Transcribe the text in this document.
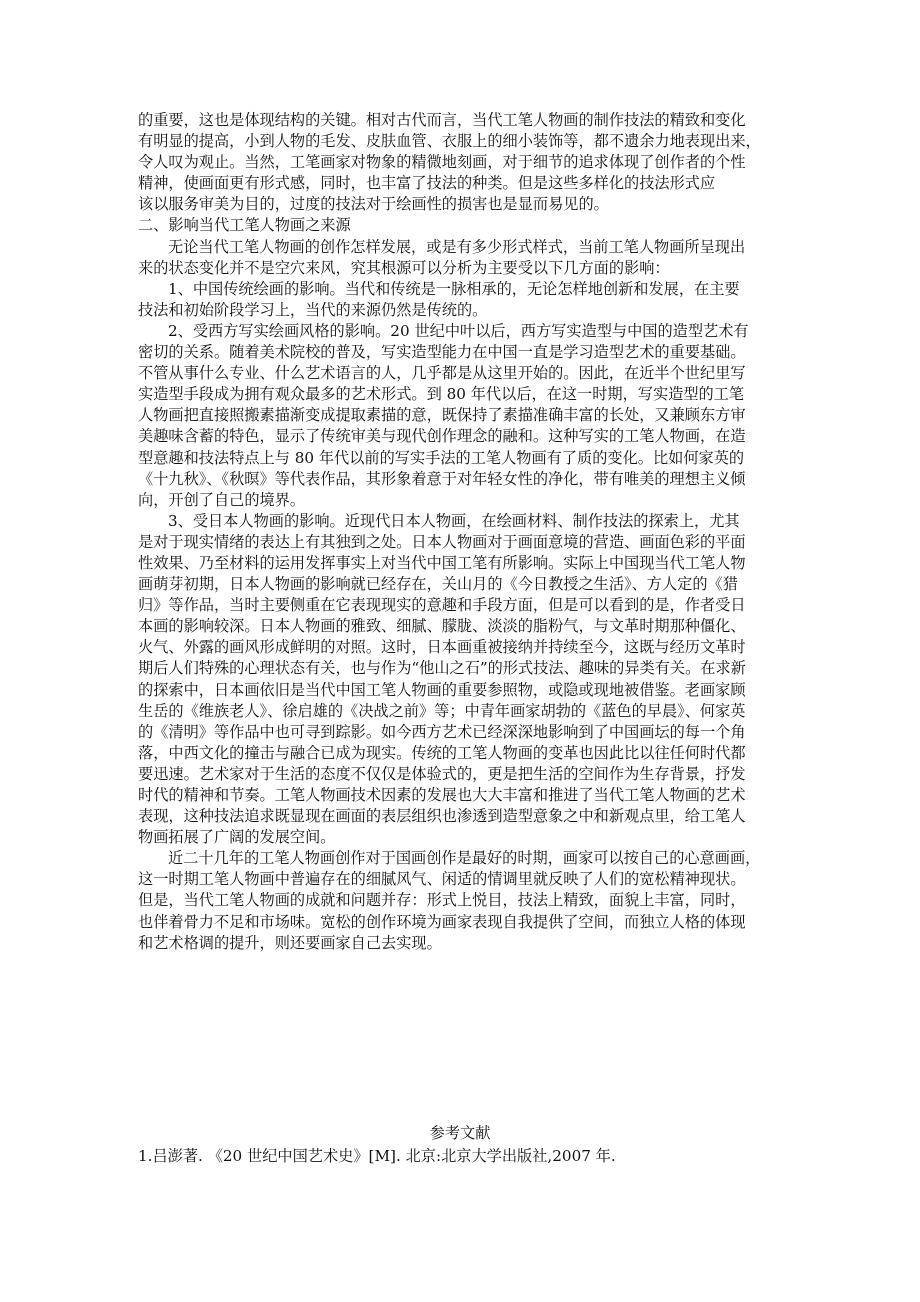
的重要，这也是体现结构的关键。相对古代而言，当代工笔人物画的制作技法的精致和变化
有明显的提高，小到人物的毛发、皮肤血管、衣服上的细小装饰等，都不遗余力地表现出来，
令人叹为观止。当然，工笔画家对物象的精微地刻画，对于细节的追求体现了创作者的个性
精神，使画面更有形式感，同时，也丰富了技法的种类。但是这些多样化的技法形式应
该以服务审美为目的，过度的技法对于绘画性的损害也是显而易见的。
二、影响当代工笔人物画之来源
无论当代工笔人物画的创作怎样发展，或是有多少形式样式，当前工笔人物画所呈现出
来的状态变化并不是空穴来风，究其根源可以分析为主要受以下几方面的影响：
1、中国传统绘画的影响。当代和传统是一脉相承的，无论怎样地创新和发展，在主要
技法和初始阶段学习上，当代的来源仍然是传统的。
2、受西方写实绘画风格的影响。20 世纪中叶以后，西方写实造型与中国的造型艺术有
密切的关系。随着美术院校的普及，写实造型能力在中国一直是学习造型艺术的重要基础。
不管从事什么专业、什么艺术语言的人，几乎都是从这里开始的。因此，在近半个世纪里写
实造型手段成为拥有观众最多的艺术形式。到 80 年代以后，在这一时期，写实造型的工笔
人物画把直接照搬素描渐变成提取素描的意，既保持了素描准确丰富的长处，又兼顾东方审
美趣味含蓄的特色，显示了传统审美与现代创作理念的融和。这种写实的工笔人物画，在造
型意趣和技法特点上与 80 年代以前的写实手法的工笔人物画有了质的变化。比如何家英的
《十九秋》、《秋暝》等代表作品，其形象着意于对年轻女性的净化，带有唯美的理想主义倾
向，开创了自己的境界。
3、受日本人物画的影响。近现代日本人物画，在绘画材料、制作技法的探索上，尤其
是对于现实情绪的表达上有其独到之处。日本人物画对于画面意境的营造、画面色彩的平面
性效果、乃至材料的运用发挥事实上对当代中国工笔有所影响。实际上中国现当代工笔人物
画萌芽初期，日本人物画的影响就已经存在，关山月的《今日教授之生活》、方人定的《猎
归》等作品，当时主要侧重在它表现现实的意趣和手段方面，但是可以看到的是，作者受日
本画的影响较深。日本人物画的雅致、细腻、朦胧、淡淡的脂粉气，与文革时期那种僵化、
火气、外露的画风形成鲜明的对照。这时，日本画重被接纳并持续至今，这既与经历文革时
期后人们特殊的心理状态有关，也与作为“他山之石”的形式技法、趣味的异类有关。在求新
的探索中，日本画依旧是当代中国工笔人物画的重要参照物，或隐或现地被借鉴。老画家顾
生岳的《维族老人》、徐启雄的《决战之前》等；中青年画家胡勃的《蓝色的早晨》、何家英
的《清明》等作品中也可寻到踪影。如今西方艺术已经深深地影响到了中国画坛的每一个角
落，中西文化的撞击与融合已成为现实。传统的工笔人物画的变革也因此比以往任何时代都
要迅速。艺术家对于生活的态度不仅仅是体验式的，更是把生活的空间作为生存背景，抒发
时代的精神和节奏。工笔人物画技术因素的发展也大大丰富和推进了当代工笔人物画的艺术
表现，这种技法追求既显现在画面的表层组织也渗透到造型意象之中和新观点里，给工笔人
物画拓展了广阔的发展空间。
近二十几年的工笔人物画创作对于国画创作是最好的时期，画家可以按自己的心意画画，
这一时期工笔人物画中普遍存在的细腻风气、闲适的情调里就反映了人们的宽松精神现状。
但是，当代工笔人物画的成就和问题并存：形式上悦目，技法上精致，面貌上丰富，同时，
也伴着骨力不足和市场味。宽松的创作环境为画家表现自我提供了空间，而独立人格的体现
和艺术格调的提升，则还要画家自己去实现。
参考文献
1.吕澎著. 《20 世纪中国艺术史》[M]. 北京:北京大学出版社,2007 年.
